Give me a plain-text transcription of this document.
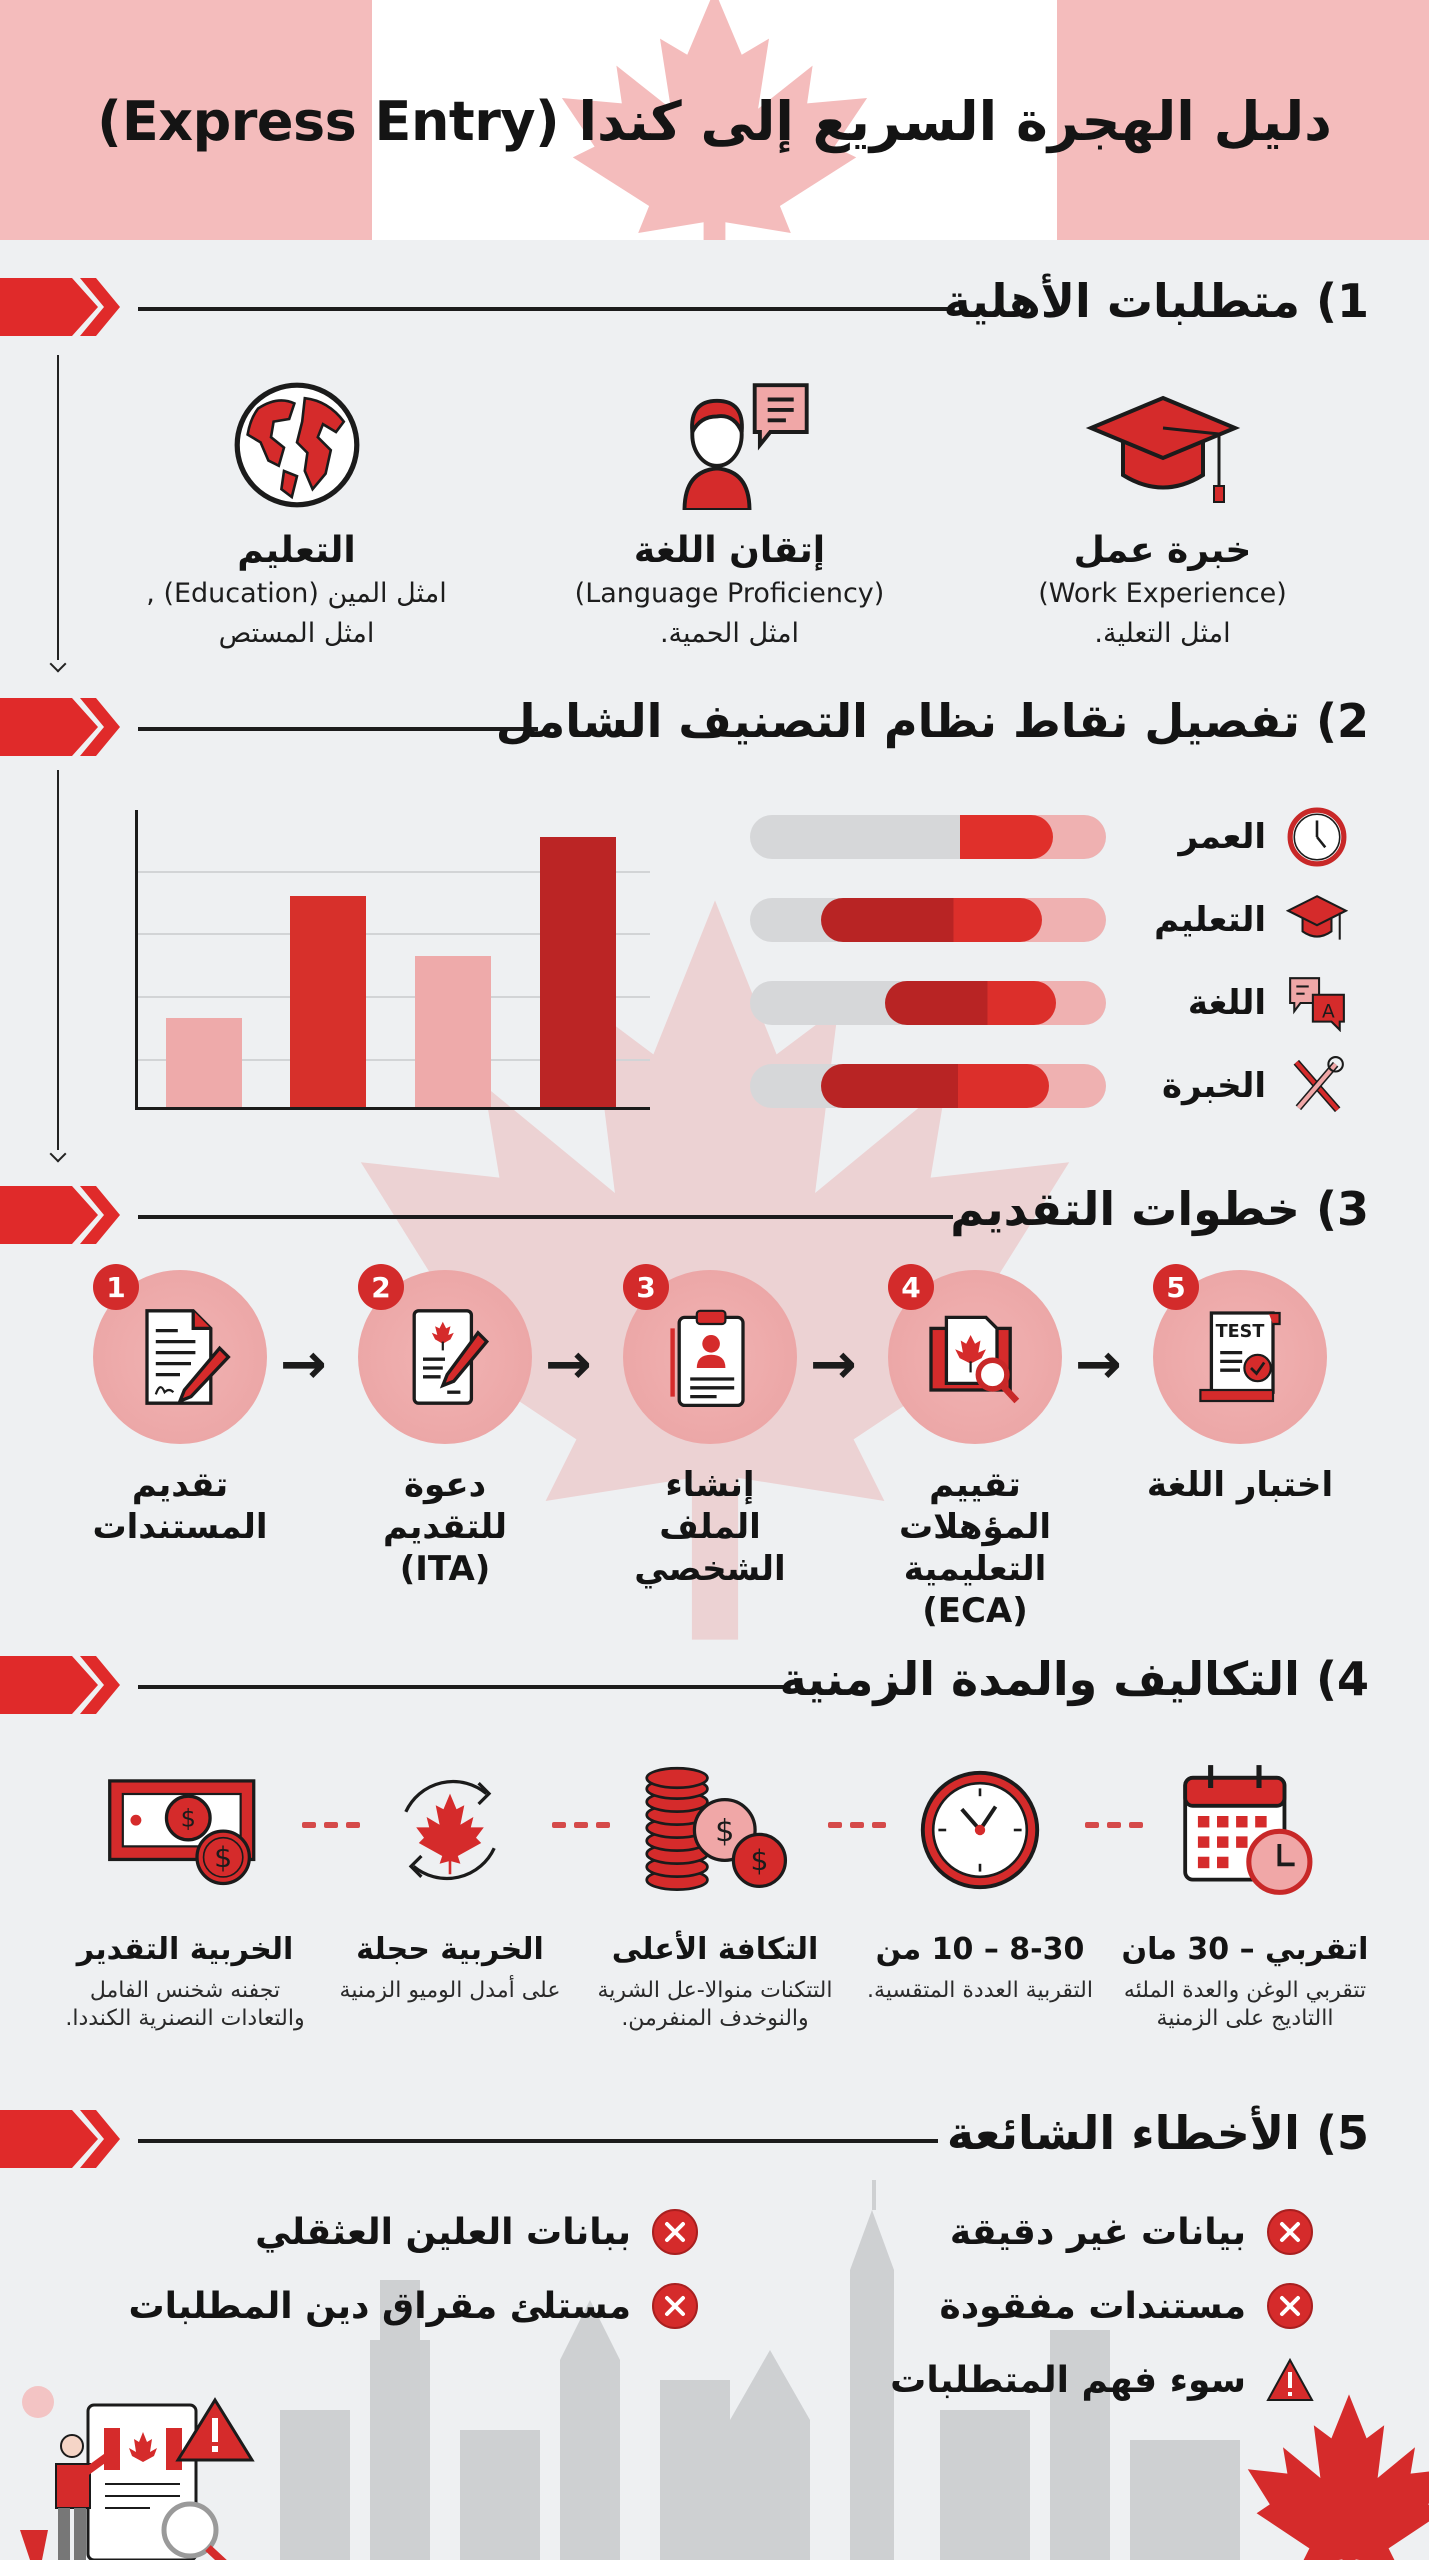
دليل الهجرة السريع إلى كندا (Express Entry)
1) متطلبات الأهلية
التعليم
امثل المين (Education) ,
امثل المستص
إتقان اللغة
(Language Proficiency)
امثل الحمية.
خبرة عمل
(Work Experience)
امثل التعلية.
2) تفصيل نقاط نظام التصنيف الشامل
العمر
التعليم
A
اللغة
الخبرة
3) خطوات التقديم
1
تقديم المستندات
→
2
دعوة للتقديم (ITA)
→
3
إنشاء الملف الشخصي
→
4
تقييم المؤهلات التعليمية (ECA)
→
5
TEST
اختبار اللغة
4) التكاليف والمدة الزمنية
$
$
الخربية التقدير
تجفنه شخنس الفامل والتعادات النصنرية الكنددا.
الخربية حجلة
على أمدل الوميو الزمنية
$
$
التكافة الأعلى
التتكنات منوالا-عل الشرية والنوخدف المنفرمن.
8-30 – 10 من
التقربية العددة المتقسية.
اتقربي – 30 مان
تتقربي الوغن والعدة الملئه االتاديج على الزمنية
5) الأخطاء الشائعة
بيانات غير دقيقة
مستندات مفقودة
سوء فهم المتطلبات
ببانات العلين العثقلي
مستلئ مقراق دين المطلبات
